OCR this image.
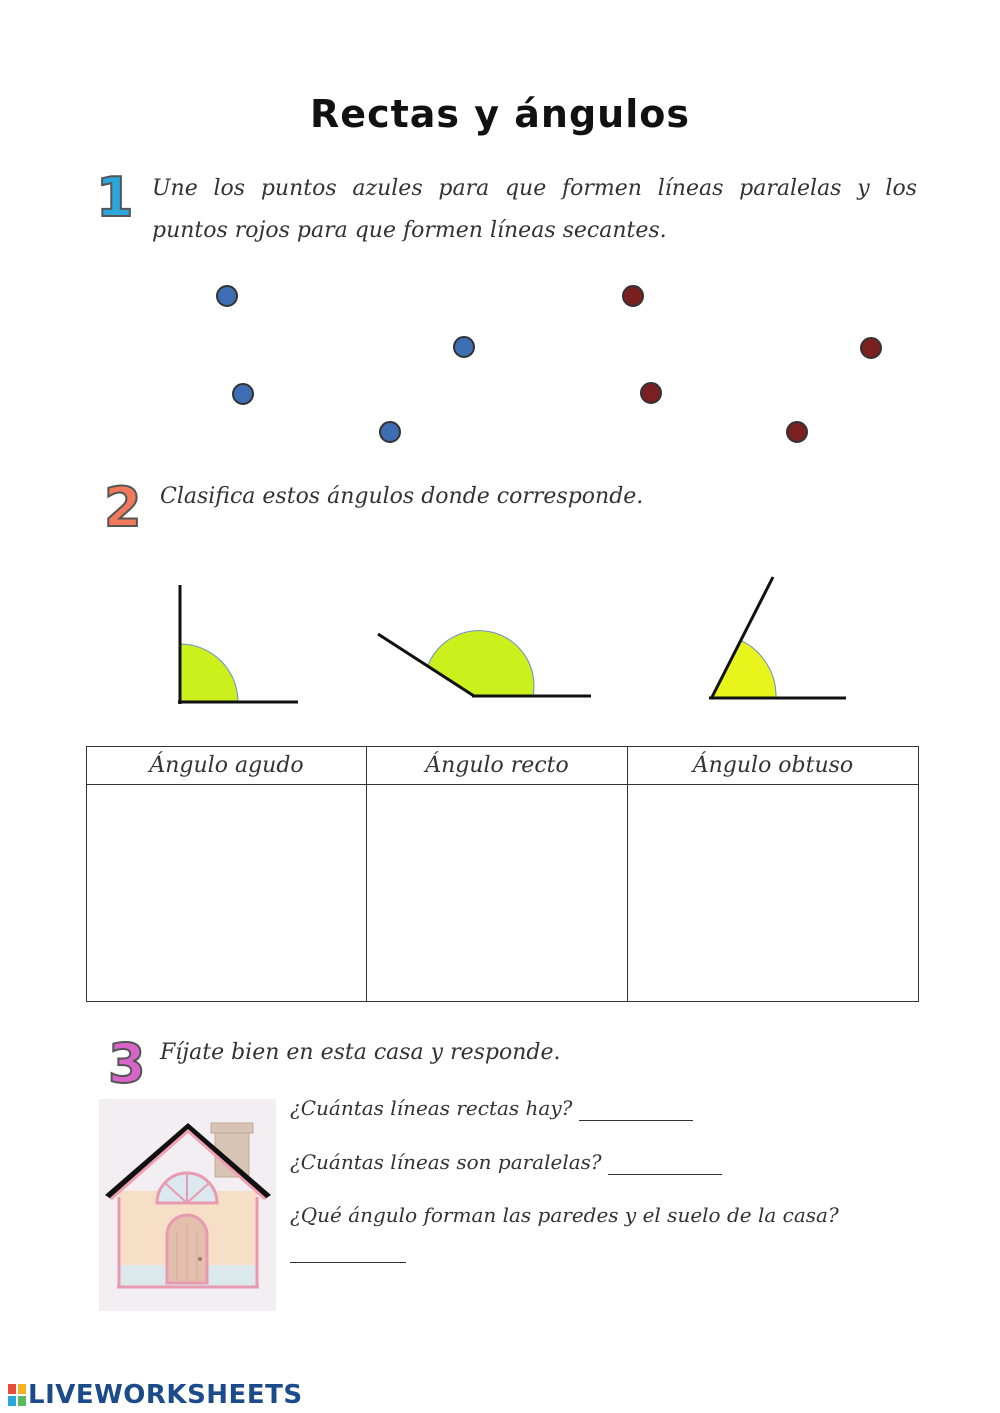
Rectas y ángulos
1 Une los puntos azules para que formen líneas paralelas y los
puntos rojos para que formen líneas secantes.
2 Clasifica estos ángulos donde corresponde.
Ángulo agudo	Ángulo recto	Ángulo obtuso

3 Fíjate bien en esta casa y responde.
¿Cuántas líneas rectas hay?
¿Cuántas líneas son paralelas?
¿Qué ángulo forman las paredes y el suelo de la casa?

LIVEWORKSHEETS
